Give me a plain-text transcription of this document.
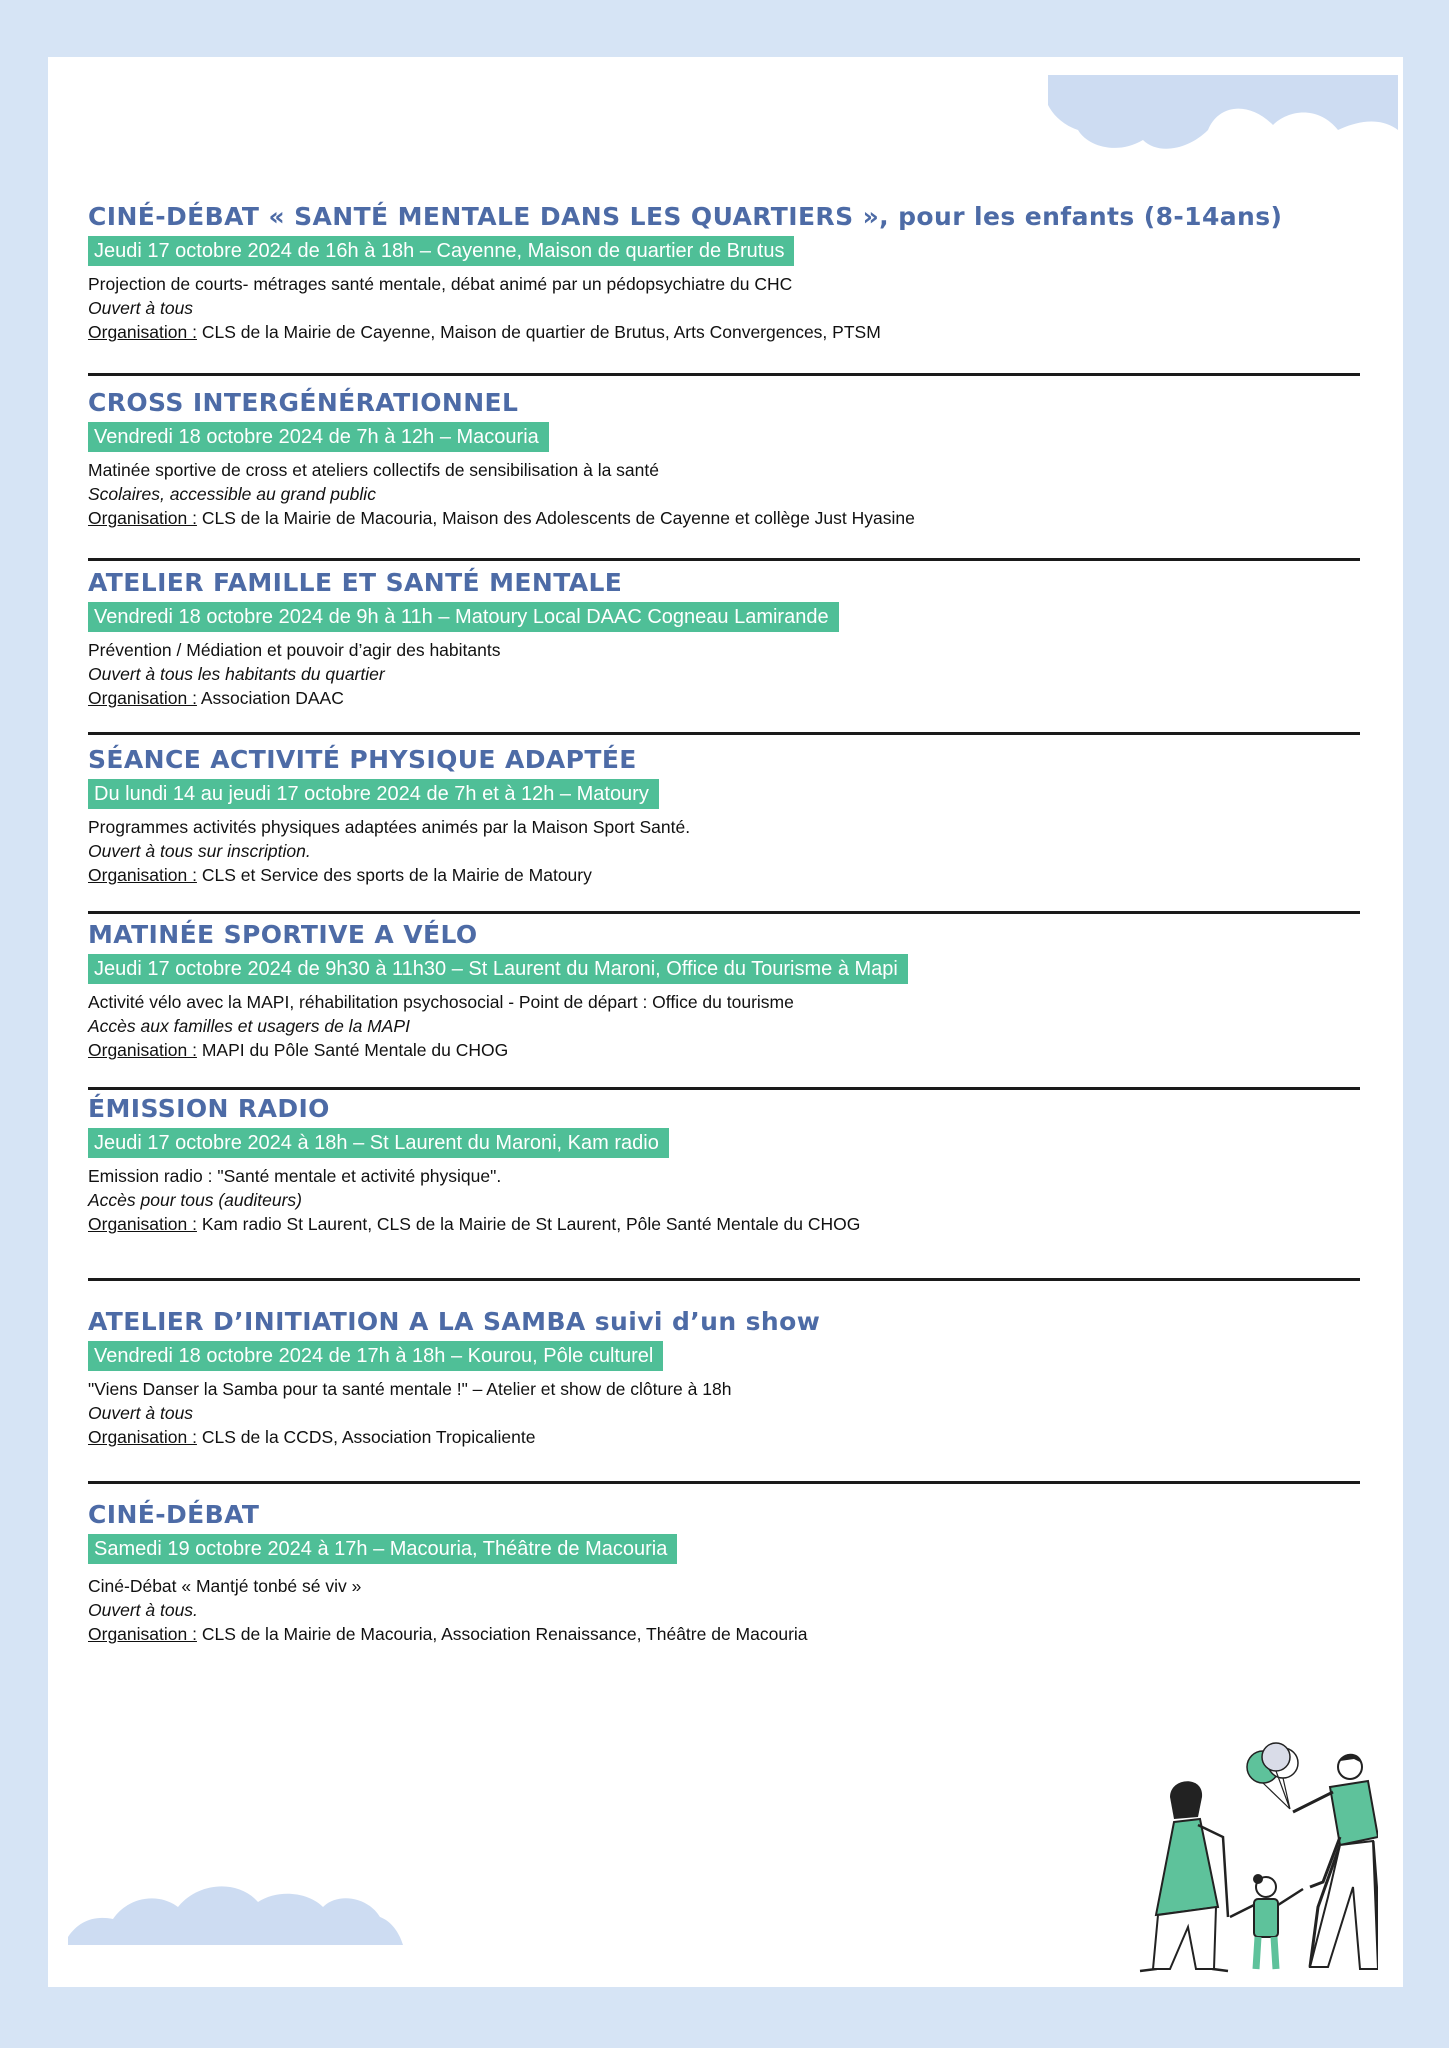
CINÉ-DÉBAT « SANTÉ MENTALE DANS LES QUARTIERS », pour les enfants (8-14ans)
Jeudi 17 octobre 2024 de 16h à 18h – Cayenne, Maison de quartier de Brutus
Projection de courts- métrages santé mentale, débat animé par un pédopsychiatre du CHC
Ouvert à tous
Organisation : CLS de la Mairie de Cayenne, Maison de quartier de Brutus, Arts Convergences, PTSM
CROSS INTERGÉNÉRATIONNEL
Vendredi 18 octobre 2024 de 7h à 12h – Macouria
Matinée sportive de cross et ateliers collectifs de sensibilisation à la santé
Scolaires, accessible au grand public
Organisation : CLS de la Mairie de Macouria, Maison des Adolescents de Cayenne et collège Just Hyasine
ATELIER FAMILLE ET SANTÉ MENTALE
Vendredi 18 octobre 2024 de 9h à 11h – Matoury Local DAAC Cogneau Lamirande
Prévention / Médiation et pouvoir d’agir des habitants
Ouvert à tous les habitants du quartier
Organisation : Association DAAC
SÉANCE ACTIVITÉ PHYSIQUE ADAPTÉE
Du lundi 14 au jeudi 17 octobre 2024 de 7h et à 12h – Matoury
Programmes activités physiques adaptées animés par la Maison Sport Santé.
Ouvert à tous sur inscription.
Organisation : CLS et Service des sports de la Mairie de Matoury
MATINÉE SPORTIVE A VÉLO
Jeudi 17 octobre 2024 de 9h30 à 11h30 – St Laurent du Maroni, Office du Tourisme à Mapi
Activité vélo avec la MAPI, réhabilitation psychosocial - Point de départ : Office du tourisme
Accès aux familles et usagers de la MAPI
Organisation : MAPI du Pôle Santé Mentale du CHOG
ÉMISSION RADIO
Jeudi 17 octobre 2024 à 18h – St Laurent du Maroni, Kam radio
Emission radio : "Santé mentale et activité physique".
Accès pour tous (auditeurs)
Organisation : Kam radio St Laurent, CLS de la Mairie de St Laurent, Pôle Santé Mentale du CHOG
ATELIER D’INITIATION A LA SAMBA suivi d’un show
Vendredi 18 octobre 2024 de 17h à 18h – Kourou, Pôle culturel
"Viens Danser la Samba pour ta santé mentale !" – Atelier et show de clôture à 18h
Ouvert à tous
Organisation : CLS de la CCDS, Association Tropicaliente
CINÉ-DÉBAT
Samedi 19 octobre 2024 à 17h – Macouria, Théâtre de Macouria
Ciné-Débat « Mantjé tonbé sé viv »
Ouvert à tous.
Organisation : CLS de la Mairie de Macouria, Association Renaissance, Théâtre de Macouria
